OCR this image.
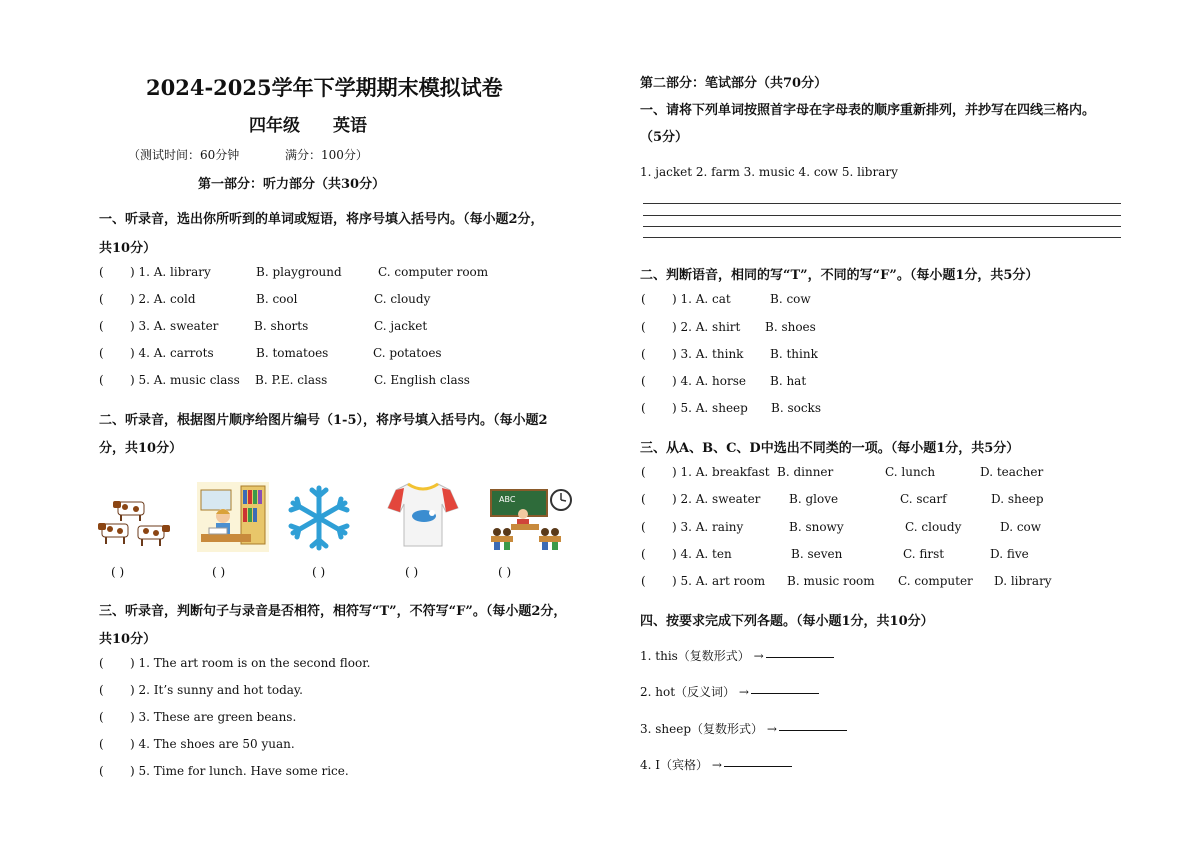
2024-2025学年下学期期末模拟试卷
四年级 英语
（测试时间：60分钟	满分：100分）
第一部分：听力部分（共30分）
一、听录音，选出你所听到的单词或短语，将序号填入括号内。（每小题2分，
共10分）
( ) 1. A. library	B. playground	C. computer room
( ) 2. A. cold	B. cool	C. cloudy
( ) 3. A. sweater	B. shorts	C. jacket
( ) 4. A. carrots	B. tomatoes	C. potatoes
( ) 5. A. music class B. P.E. class	C. English class
二、听录音，根据图片顺序给图片编号（1-5），将序号填入括号内。（每小题2
分，共10分）
ABC
( )	( )	( )	( )	( )
三、听录音，判断句子与录音是否相符，相符写“T”，不符写“F”。（每小题2分，
共10分）
( ) 1. The art room is on the second floor.
( ) 2. It’s sunny and hot today.
( ) 3. These are green beans.
( ) 4. The shoes are 50 yuan.
( ) 5. Time for lunch. Have some rice.
第二部分：笔试部分（共70分）
一、请将下列单词按照首字母在字母表的顺序重新排列，并抄写在四线三格内。
（5分）
1. jacket 2. farm 3. music 4. cow 5. library
二、判断语音，相同的写“T”，不同的写“F”。（每小题1分，共5分）
( ) 1. A. cat	B. cow
( ) 2. A. shirt B. shoes
( ) 3. A. think B. think
( ) 4. A. horse B. hat
( ) 5. A. sheep B. socks
三、从A、B、C、D中选出不同类的一项。（每小题1分，共5分）
( ) 1. A. breakfast B. dinner	C. lunch	D. teacher
( ) 2. A. sweater B. glove	C. scarf	D. sheep
( ) 3. A. rainy	B. snowy	C. cloudy	D. cow
( ) 4. A. ten	B. seven	C. first	D. five
( ) 5. A. art room B. music room C. computer D. library
四、按要求完成下列各题。（每小题1分，共10分）
1. this（复数形式） →
2. hot（反义词） →
3. sheep（复数形式） →
4. I（宾格） →
